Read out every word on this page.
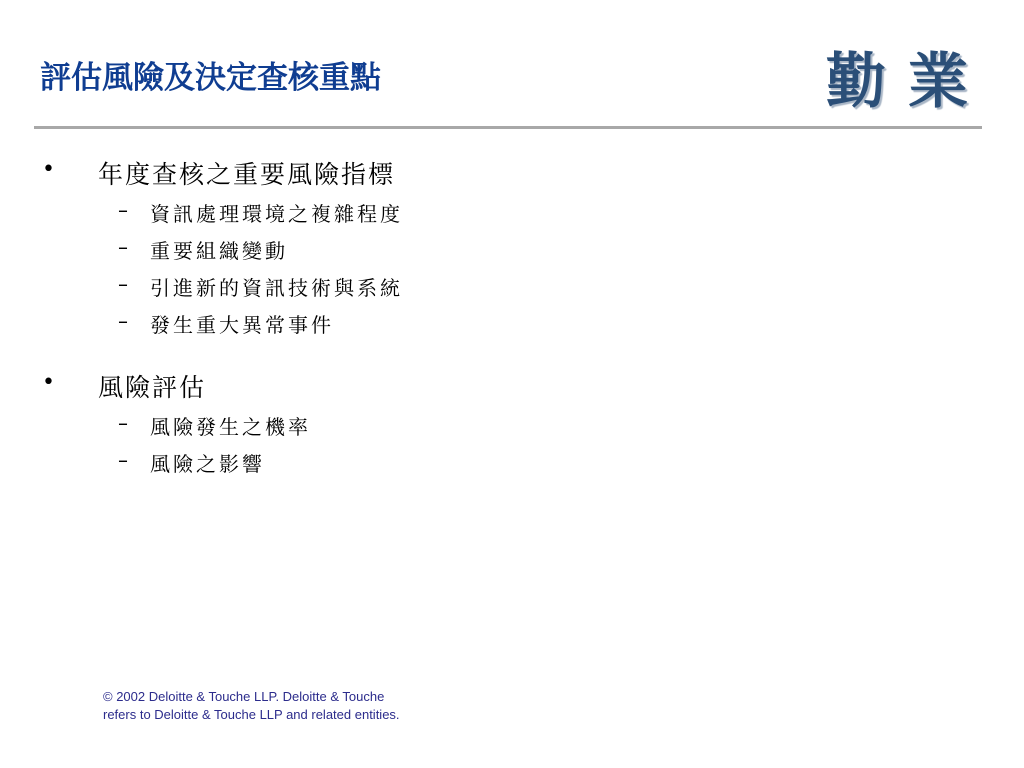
評估風險及決定查核重點	勤業
• 年度查核之重要風險指標
– 資訊處理環境之複雜程度
– 重要組織變動
– 引進新的資訊技術與系統
– 發生重大異常事件
• 風險評估
– 風險發生之機率
– 風險之影響
© 2002 Deloitte & Touche LLP. Deloitte & Touche
refers to Deloitte & Touche LLP and related entities.
